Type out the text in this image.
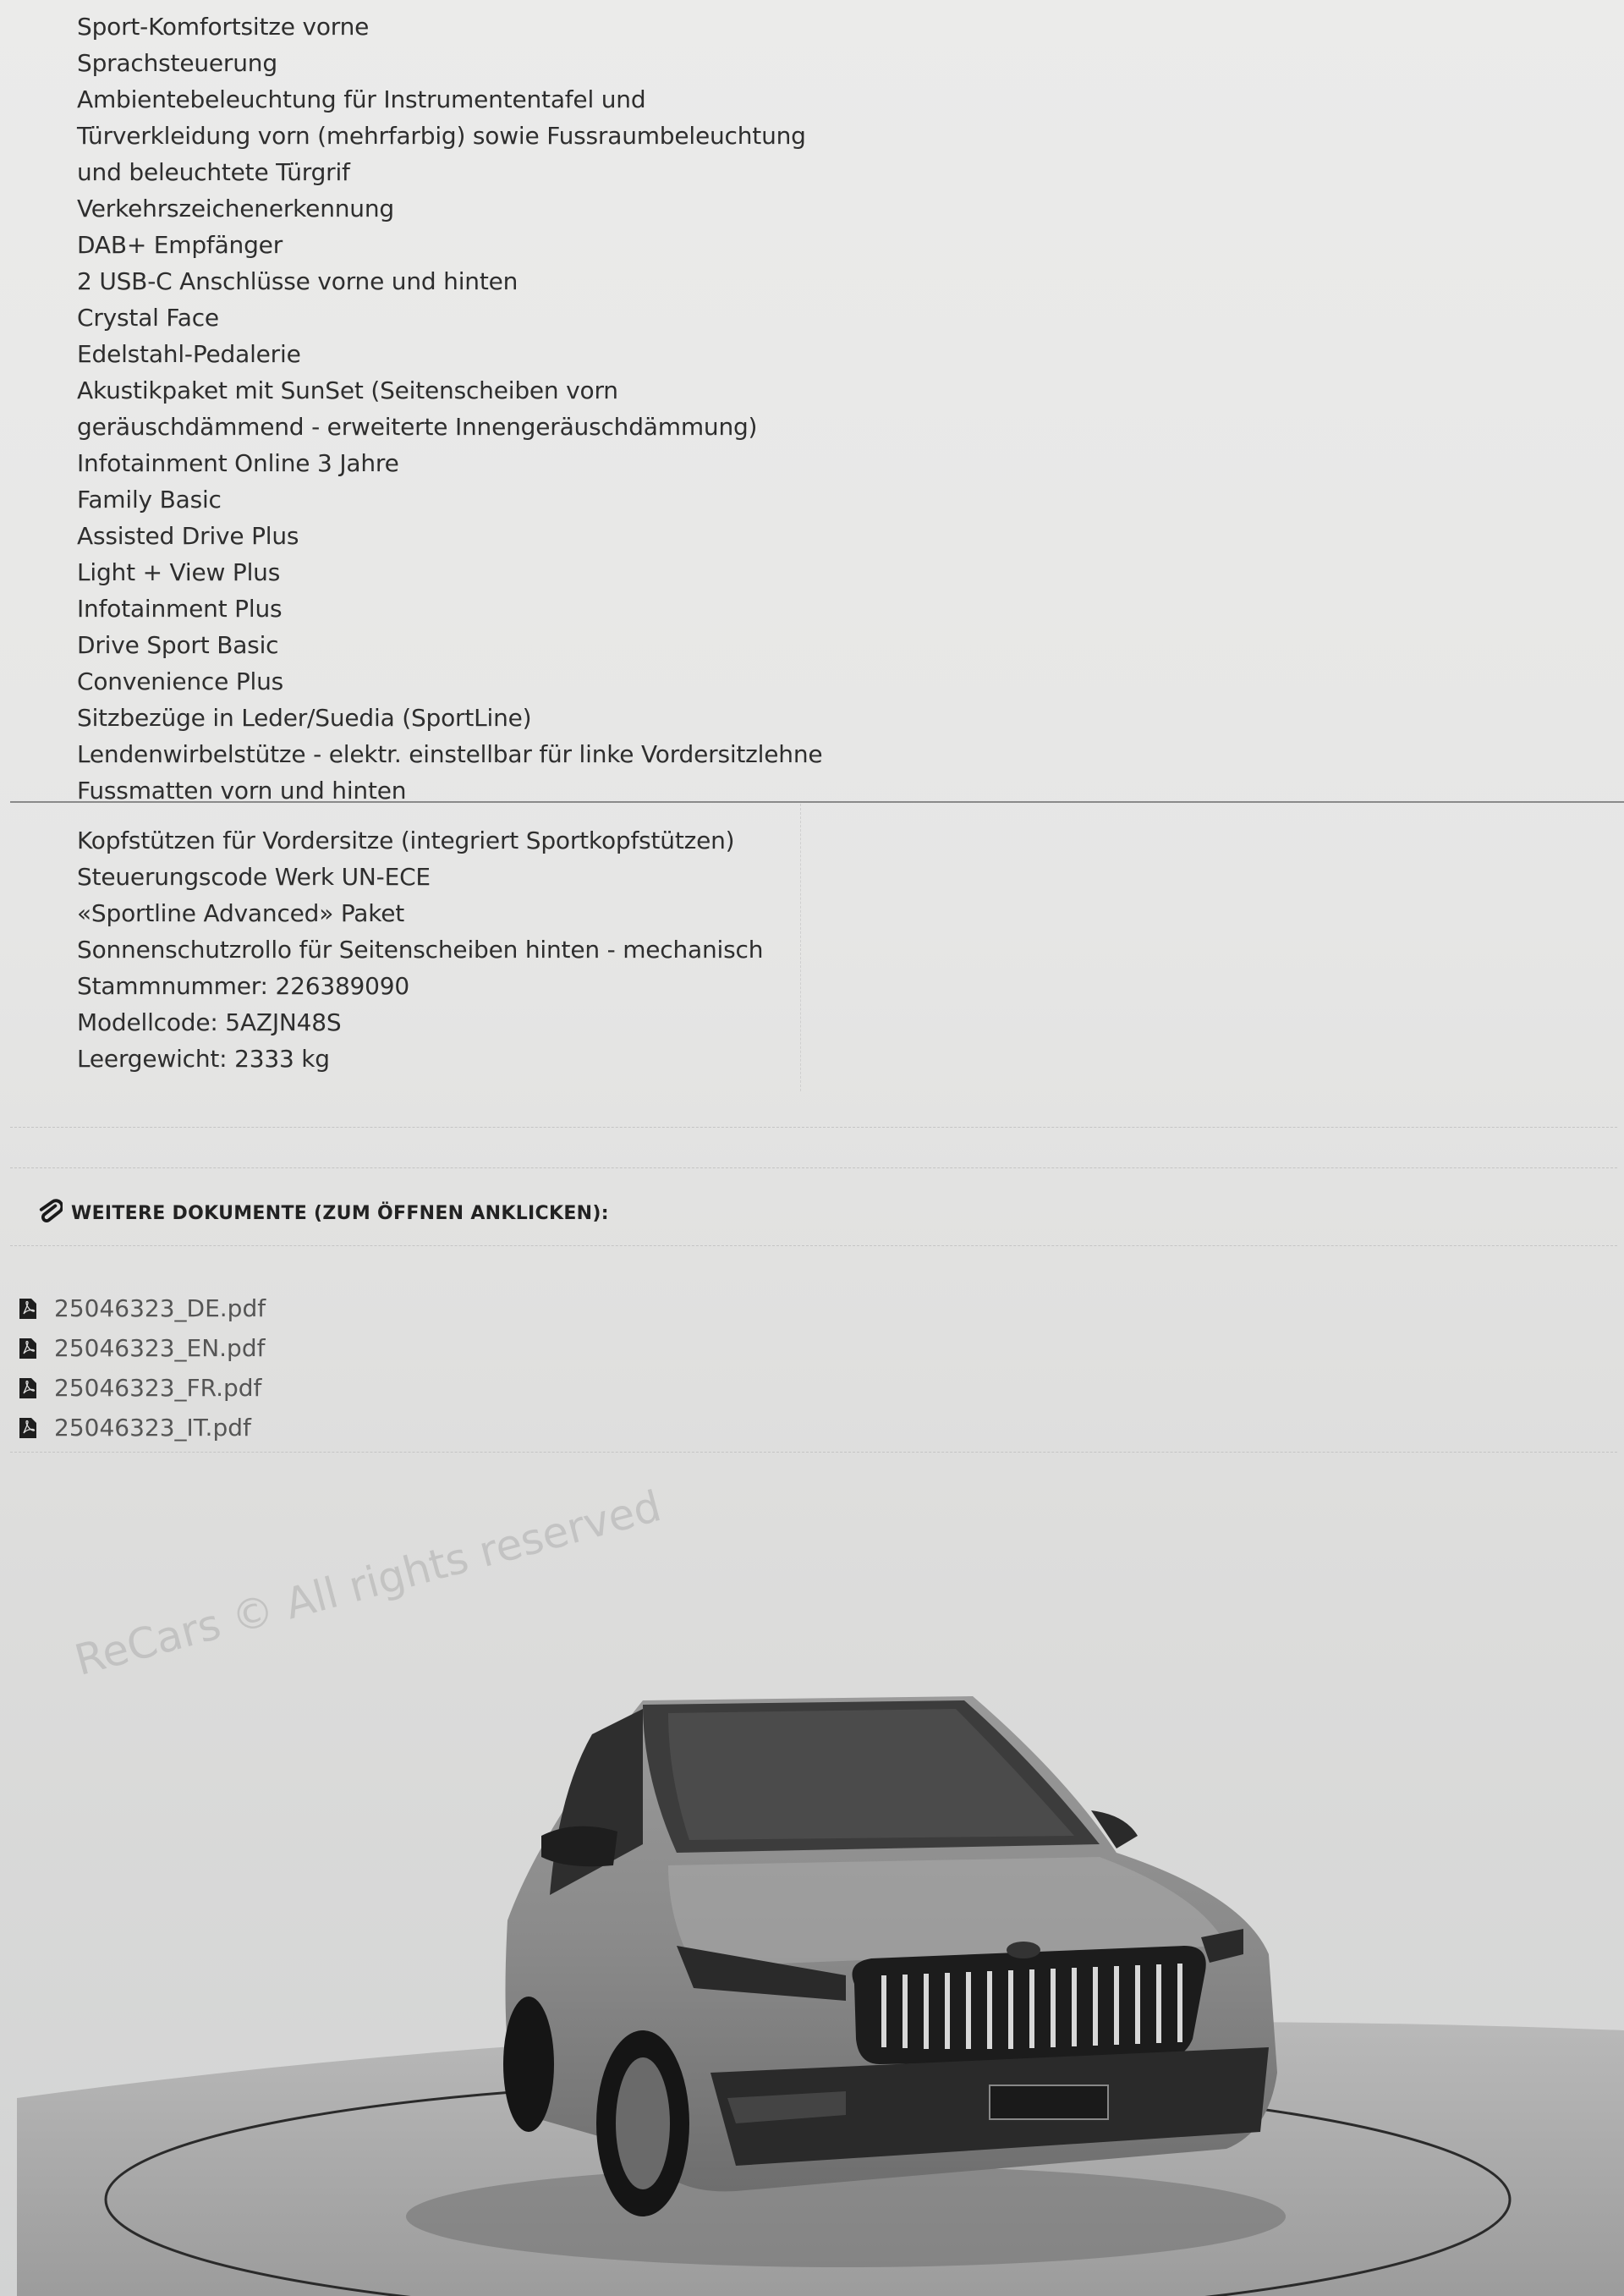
Sport-Komfortsitze vorne
Sprachsteuerung
Ambientebeleuchtung für Instrumententafel und
Türverkleidung vorn (mehrfarbig) sowie Fussraumbeleuchtung
und beleuchtete Türgrif
Verkehrszeichenerkennung
DAB+ Empfänger
2 USB-C Anschlüsse vorne und hinten
Crystal Face
Edelstahl-Pedalerie
Akustikpaket mit SunSet (Seitenscheiben vorn
geräuschdämmend - erweiterte Innengeräuschdämmung)
Infotainment Online 3 Jahre
Family Basic
Assisted Drive Plus
Light + View Plus
Infotainment Plus
Drive Sport Basic
Convenience Plus
Sitzbezüge in Leder/Suedia (SportLine)
Lendenwirbelstütze - elektr. einstellbar für linke Vordersitzlehne
Fussmatten vorn und hinten
Kopfstützen für Vordersitze (integriert Sportkopfstützen)
Steuerungscode Werk UN-ECE
«Sportline Advanced» Paket
Sonnenschutzrollo für Seitenscheiben hinten - mechanisch
Stammnummer: 226389090
Modellcode: 5AZJN48S
Leergewicht: 2333 kg
WEITERE DOKUMENTE (ZUM ÖFFNEN ANKLICKEN):
25046323_DE.pdf
25046323_EN.pdf
25046323_FR.pdf
25046323_IT.pdf
ReCars © All rights reserved
